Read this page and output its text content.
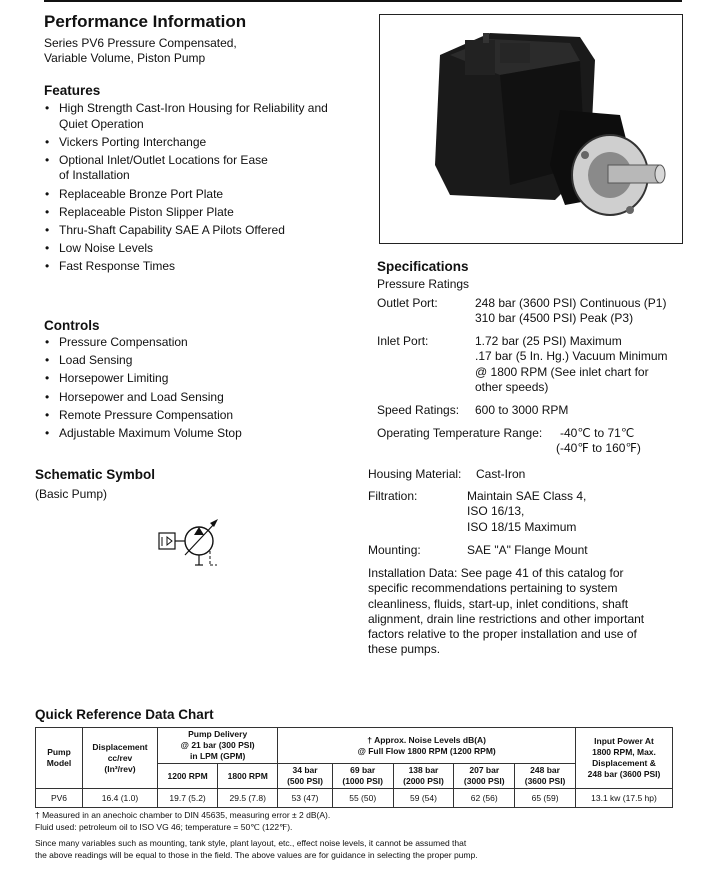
Performance Information
Series PV6 Pressure Compensated,
Variable Volume, Piston Pump
Features
• High Strength Cast-Iron Housing for Reliability and
Quiet Operation
• Vickers Porting Interchange
• Optional Inlet/Outlet Locations for Ease
of Installation
• Replaceable Bronze Port Plate
• Replaceable Piston Slipper Plate
• Thru-Shaft Capability SAE A Pilots Offered
• Low Noise Levels
• Fast Response Times
Controls
• Pressure Compensation
• Load Sensing
• Horsepower Limiting
• Horsepower and Load Sensing
• Remote Pressure Compensation
• Adjustable Maximum Volume Stop
Schematic Symbol
(Basic Pump)
Specifications
Pressure Ratings
Outlet Port:	248 bar (3600 PSI) Continuous (P1)
310 bar (4500 PSI) Peak (P3)
Inlet Port:	1.72 bar (25 PSI) Maximum
.17 bar (5 In. Hg.) Vacuum Minimum
@ 1800 RPM (See inlet chart for
other speeds)
Speed Ratings: 600 to 3000 RPM
Operating Temperature Range: -40℃ to 71℃
(-40℉ to 160℉)
Housing Material: Cast-Iron
Filtration:	Maintain SAE Class 4,
ISO 16/13,
ISO 18/15 Maximum
Mounting:	SAE "A" Flange Mount
Installation Data: See page 41 of this catalog for
specific recommendations pertaining to system
cleanliness, fluids, start-up, inlet conditions, shaft
alignment, drain line restrictions and other important
factors relative to the proper installation and use of
these pumps.
Quick Reference Data Chart
Pump
Model	Displacement
cc/rev
(In³/rev)	Pump Delivery
@ 21 bar (300 PSI)
in LPM (GPM)		† Approx. Noise Levels dB(A)
@ Full Flow 1800 RPM (1200 RPM)					Input Power At
1800 RPM, Max.
Displacement &
248 bar (3600 PSI)
		1200 RPM	1800 RPM	34 bar
(500 PSI)	69 bar
(1000 PSI)	138 bar
(2000 PSI)	207 bar
(3000 PSI)	248 bar
(3600 PSI)	
PV6	16.4 (1.0)	19.7 (5.2)	29.5 (7.8)	53 (47)	55 (50)	59 (54)	62 (56)	65 (59)	13.1 kw (17.5 hp)
† Measured in an anechoic chamber to DIN 45635, measuring error ± 2 dB(A).
Fluid used: petroleum oil to ISO VG 46; temperature = 50℃ (122℉).
Since many variables such as mounting, tank style, plant layout, etc., effect noise levels, it cannot be assumed that
the above readings will be equal to those in the field. The above values are for guidance in selecting the proper pump.
